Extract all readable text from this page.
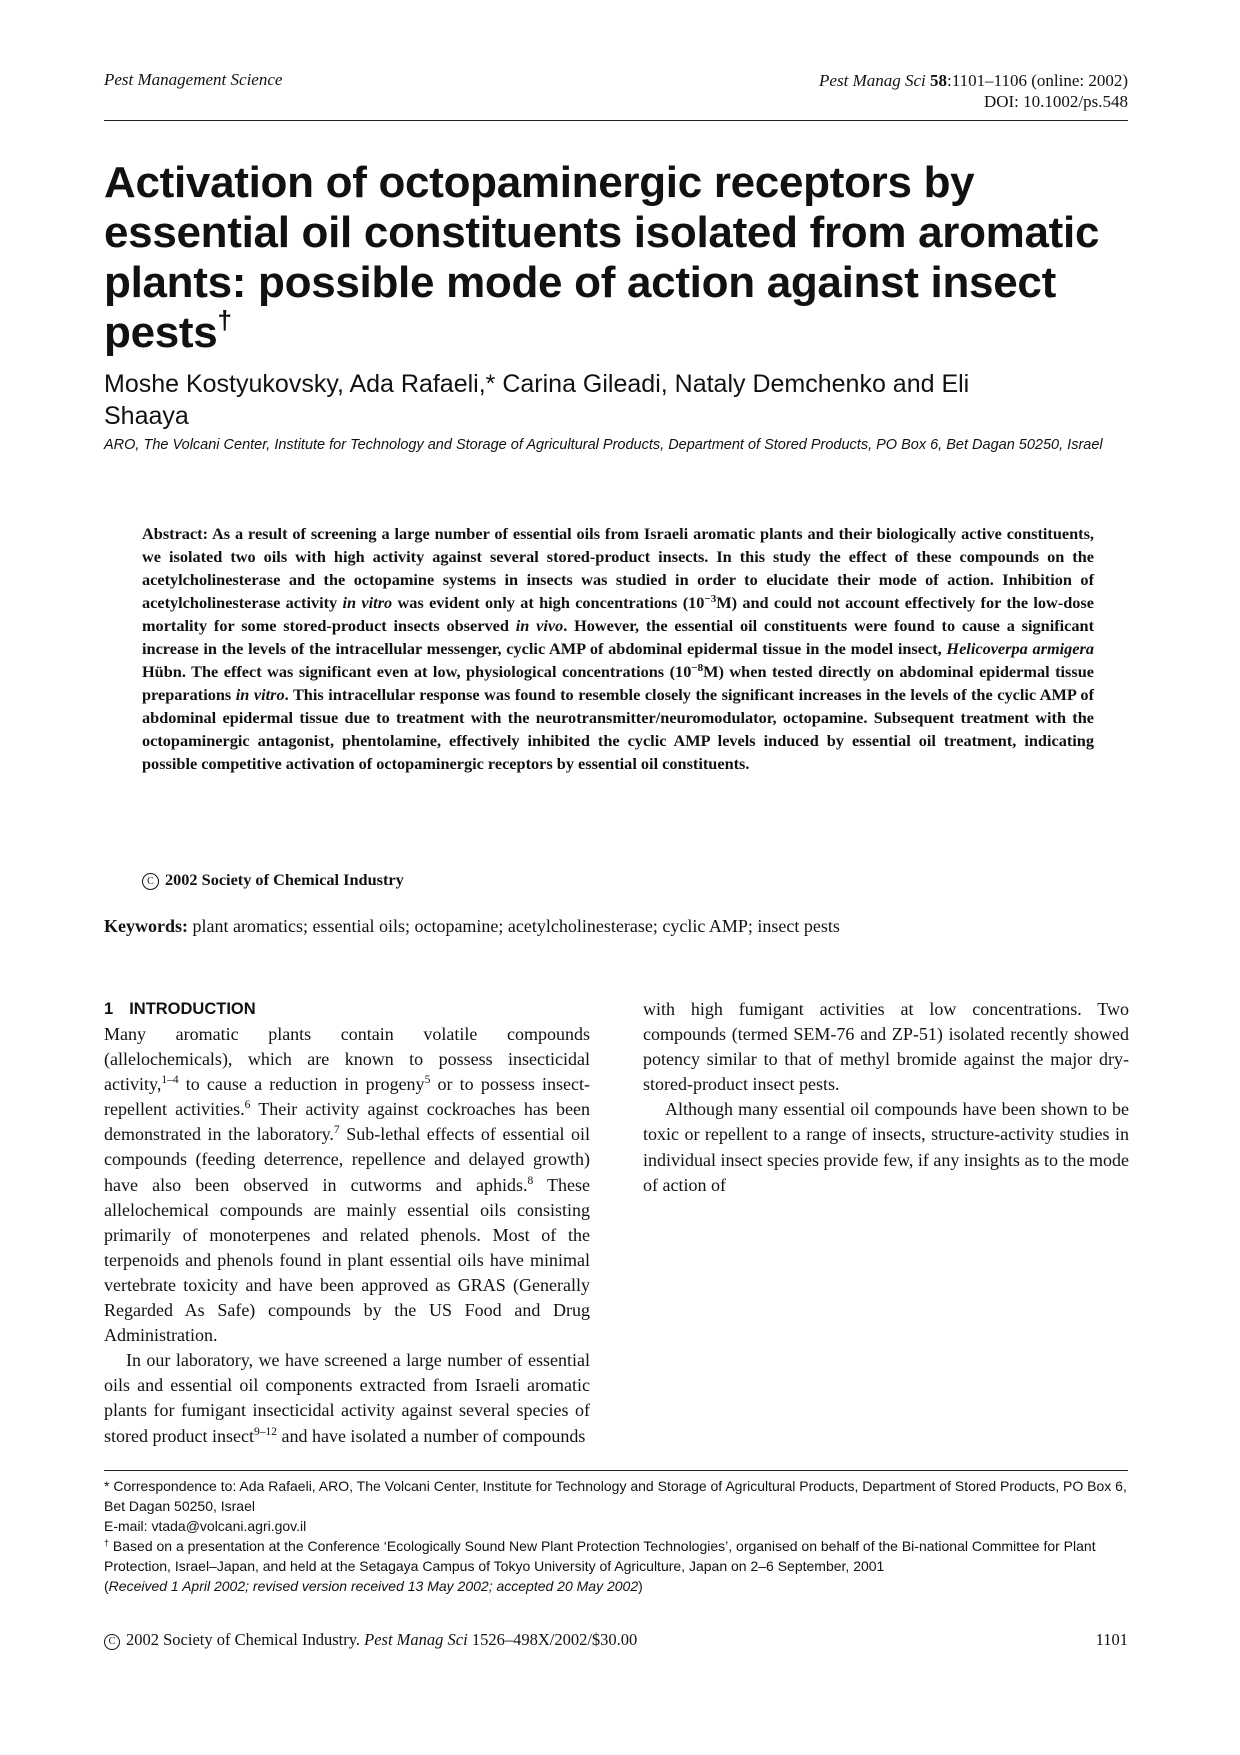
Pest Management Science	Pest Manag Sci 58:1101–1106 (online: 2002)
DOI: 10.1002/ps.548
Activation of octopaminergic receptors by essential oil constituents isolated from aromatic plants: possible mode of action against insect pests†
Moshe Kostyukovsky, Ada Rafaeli,* Carina Gileadi, Nataly Demchenko and Eli Shaaya
ARO, The Volcani Center, Institute for Technology and Storage of Agricultural Products, Department of Stored Products, PO Box 6, Bet Dagan 50250, Israel
Abstract: As a result of screening a large number of essential oils from Israeli aromatic plants and their biologically active constituents, we isolated two oils with high activity against several stored-product insects. In this study the effect of these compounds on the acetylcholinesterase and the octopamine systems in insects was studied in order to elucidate their mode of action. Inhibition of acetylcholinesterase activity in vitro was evident only at high concentrations $(10^{-3}M)$ and could not account effectively for the low-dose mortality for some stored-product insects observed in vivo. However, the essential oil constituents were found to cause a significant increase in the levels of the intracellular messenger, cyclic AMP of abdominal epidermal tissue in the model insect, Helicoverpa armigera Hübn. The effect was significant even at low, physiological concentrations $(10^{-8}M)$ when tested directly on abdominal epidermal tissue preparations in vitro. This intracellular response was found to resemble closely the significant increases in the levels of the cyclic AMP of abdominal epidermal tissue due to treatment with the neurotransmitter/neuromodulator, octopamine. Subsequent treatment with the octopaminergic antagonist, phentolamine, effectively inhibited the cyclic AMP levels induced by essential oil treatment, indicating possible competitive activation of octopaminergic receptors by essential oil constituents.
C 2002 Society of Chemical Industry
Keywords: plant aromatics; essential oils; octopamine; acetylcholinesterase; cyclic AMP; insect pests
1 INTRODUCTION

Many aromatic plants contain volatile compounds (allelochemicals), which are known to possess insecticidal activity,$^{1-4}$ to cause a reduction in progeny$^5$ or to possess insect-repellent activities.$^6$ Their activity against cockroaches has been demonstrated in the laboratory.$^7$ Sub-lethal effects of essential oil compounds (feeding deterrence, repellence and delayed growth) have also been observed in cutworms and aphids.$^8$ These allelochemical compounds are mainly essential oils consisting primarily of monoterpenes and related phenols. Most of the terpenoids and phenols found in plant essential oils have minimal vertebrate toxicity and have been approved as GRAS (Generally Regarded As Safe) compounds by the US Food and Drug Administration.

In our laboratory, we have screened a large number of essential oils and essential oil components extracted from Israeli aromatic plants for fumigant insecticidal activity against several species of stored product insect$^{9-12}$ and have isolated a number of compounds

with high fumigant activities at low concentrations. Two compounds (termed SEM-76 and ZP-51) isolated recently showed potency similar to that of methyl bromide against the major dry-stored-product insect pests.

Although many essential oil compounds have been shown to be toxic or repellent to a range of insects, structure-activity studies in individual insect species provide few, if any insights as to the mode of action of

* Correspondence to: Ada Rafaeli, ARO, The Volcani Center, Institute for Technology and Storage of Agricultural Products, Department of Stored Products, PO Box 6, Bet Dagan 50250, Israel

E-mail: vtada@volcani.agri.gov.il

† Based on a presentation at the Conference ‘Ecologically Sound New Plant Protection Technologies’, organised on behalf of the Bi-national Committee for Plant Protection, Israel–Japan, and held at the Setagaya Campus of Tokyo University of Agriculture, Japan on 2–6 September, 2001

(Received 1 April 2002; revised version received 13 May 2002; accepted 20 May 2002)

C 2002 Society of Chemical Industry. Pest Manag Sci 1526–498X/2002/$30.00	1101
